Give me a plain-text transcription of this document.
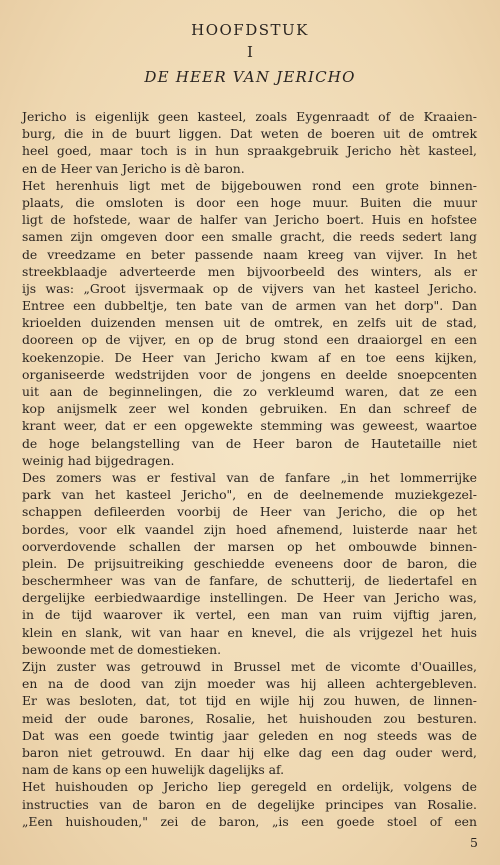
HOOFDSTUK
I
DE HEER VAN JERICHO
Jericho is eigenlijk geen kasteel, zoals Eygenraadt of de Kraaien-
burg, die in de buurt liggen. Dat weten de boeren uit de omtrek
heel goed, maar toch is in hun spraakgebruik Jericho hèt kasteel,
en de Heer van Jericho is dè baron.
Het herenhuis ligt met de bijgebouwen rond een grote binnen-
plaats, die omsloten is door een hoge muur. Buiten die muur
ligt de hofstede, waar de halfer van Jericho boert. Huis en hofstee
samen zijn omgeven door een smalle gracht, die reeds sedert lang
de vreedzame en beter passende naam kreeg van vijver. In het
streekblaadje adverteerde men bijvoorbeeld des winters, als er
ijs was: „Groot ijsvermaak op de vijvers van het kasteel Jericho.
Entree een dubbeltje, ten bate van de armen van het dorp". Dan
krioelden duizenden mensen uit de omtrek, en zelfs uit de stad,
dooreen op de vijver, en op de brug stond een draaiorgel en een
koekenzopie. De Heer van Jericho kwam af en toe eens kijken,
organiseerde wedstrijden voor de jongens en deelde snoepcenten
uit aan de beginnelingen, die zo verkleumd waren, dat ze een
kop anijsmelk zeer wel konden gebruiken. En dan schreef de
krant weer, dat er een opgewekte stemming was geweest, waartoe
de hoge belangstelling van de Heer baron de Hautetaille niet
weinig had bijgedragen.
Des zomers was er festival van de fanfare „in het lommerrijke
park van het kasteel Jericho", en de deelnemende muziekgezel-
schappen defileerden voorbij de Heer van Jericho, die op het
bordes, voor elk vaandel zijn hoed afnemend, luisterde naar het
oorverdovende schallen der marsen op het ombouwde binnen-
plein. De prijsuitreiking geschiedde eveneens door de baron, die
beschermheer was van de fanfare, de schutterij, de liedertafel en
dergelijke eerbiedwaardige instellingen. De Heer van Jericho was,
in de tijd waarover ik vertel, een man van ruim vijftig jaren,
klein en slank, wit van haar en knevel, die als vrijgezel het huis
bewoonde met de domestieken.
Zijn zuster was getrouwd in Brussel met de vicomte d'Ouailles,
en na de dood van zijn moeder was hij alleen achtergebleven.
Er was besloten, dat, tot tijd en wijle hij zou huwen, de linnen-
meid der oude barones, Rosalie, het huishouden zou besturen.
Dat was een goede twintig jaar geleden en nog steeds was de
baron niet getrouwd. En daar hij elke dag een dag ouder werd,
nam de kans op een huwelijk dagelijks af.
Het huishouden op Jericho liep geregeld en ordelijk, volgens de
instructies van de baron en de degelijke principes van Rosalie.
„Een huishouden," zei de baron, „is een goede stoel of een
5
